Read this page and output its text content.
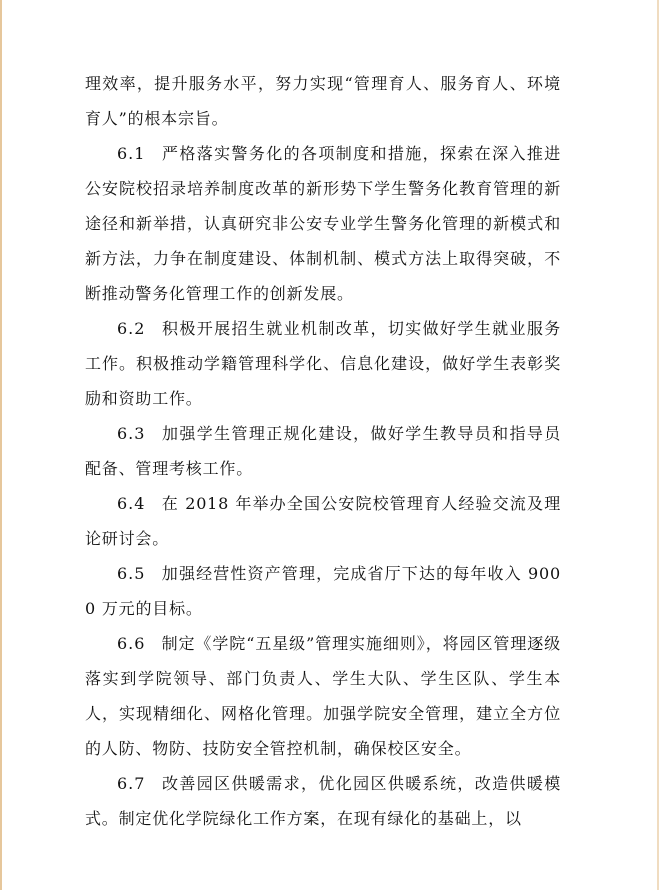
理效率，提升服务水平，努力实现“管理育人、服务育人、环境育人”的根本宗旨。

6.1 严格落实警务化的各项制度和措施，探索在深入推进公安院校招录培养制度改革的新形势下学生警务化教育管理的新途径和新举措，认真研究非公安专业学生警务化管理的新模式和新方法，力争在制度建设、体制机制、模式方法上取得突破，不断推动警务化管理工作的创新发展。

6.2 积极开展招生就业机制改革，切实做好学生就业服务工作。积极推动学籍管理科学化、信息化建设，做好学生表彰奖励和资助工作。

6.3 加强学生管理正规化建设，做好学生教导员和指导员配备、管理考核工作。

6.4 在 2018 年举办全国公安院校管理育人经验交流及理论研讨会。

6.5 加强经营性资产管理，完成省厅下达的每年收入 9000 万元的目标。

6.6 制定《学院“五星级”管理实施细则》，将园区管理逐级落实到学院领导、部门负责人、学生大队、学生区队、学生本人，实现精细化、网格化管理。加强学院安全管理，建立全方位的人防、物防、技防安全管控机制，确保校区安全。

6.7 改善园区供暖需求，优化园区供暖系统，改造供暖模式。制定优化学院绿化工作方案，在现有绿化的基础上，以
